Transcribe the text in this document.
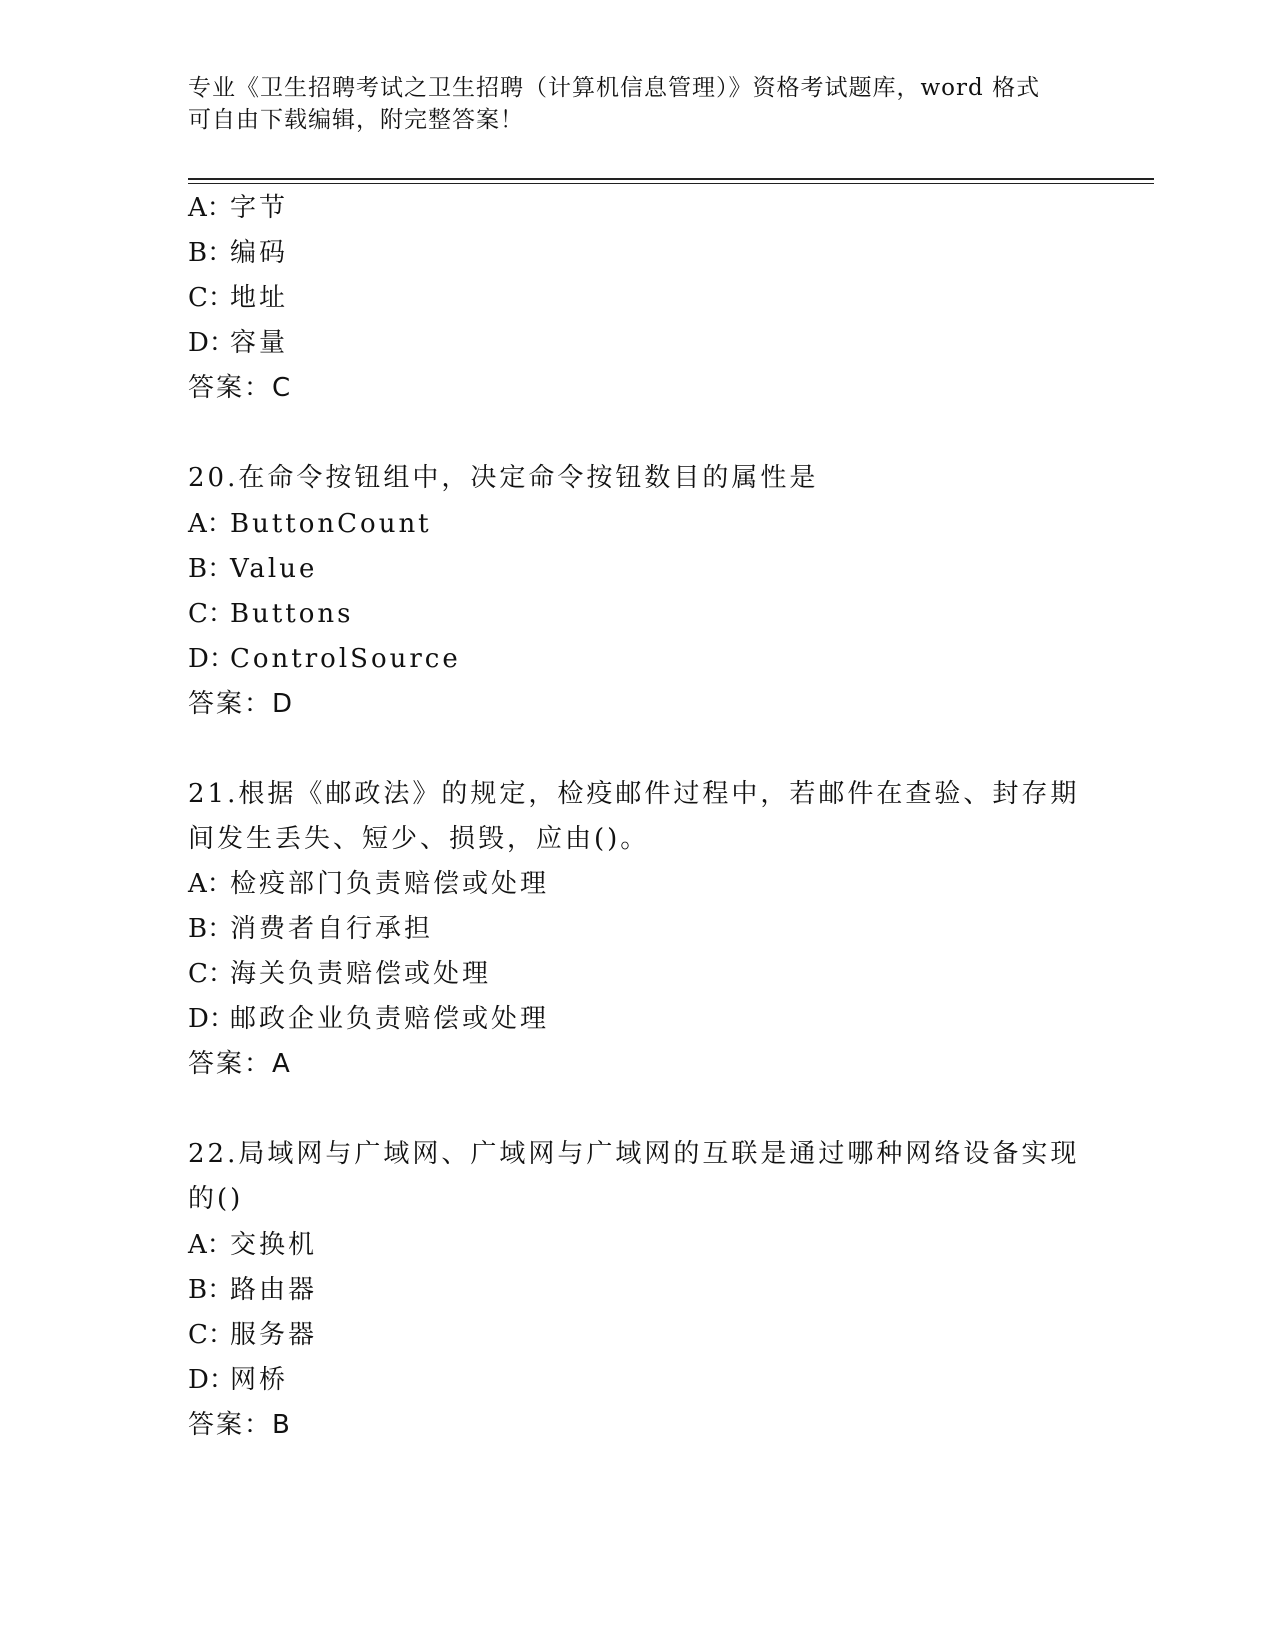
专业《卫生招聘考试之卫生招聘（计算机信息管理）》资格考试题库，word 格式
可自由下载编辑，附完整答案！
A：字节
B：编码
C：地址
D：容量
答案：C
20.在命令按钮组中，决定命令按钮数目的属性是
A：ButtonCount
B：Value
C：Buttons
D：ControlSource
答案：D
21.根据《邮政法》的规定，检疫邮件过程中，若邮件在查验、封存期
间发生丢失、短少、损毁，应由()。
A：检疫部门负责赔偿或处理
B：消费者自行承担
C：海关负责赔偿或处理
D：邮政企业负责赔偿或处理
答案：A
22.局域网与广域网、广域网与广域网的互联是通过哪种网络设备实现
的()
A：交换机
B：路由器
C：服务器
D：网桥
答案：B
